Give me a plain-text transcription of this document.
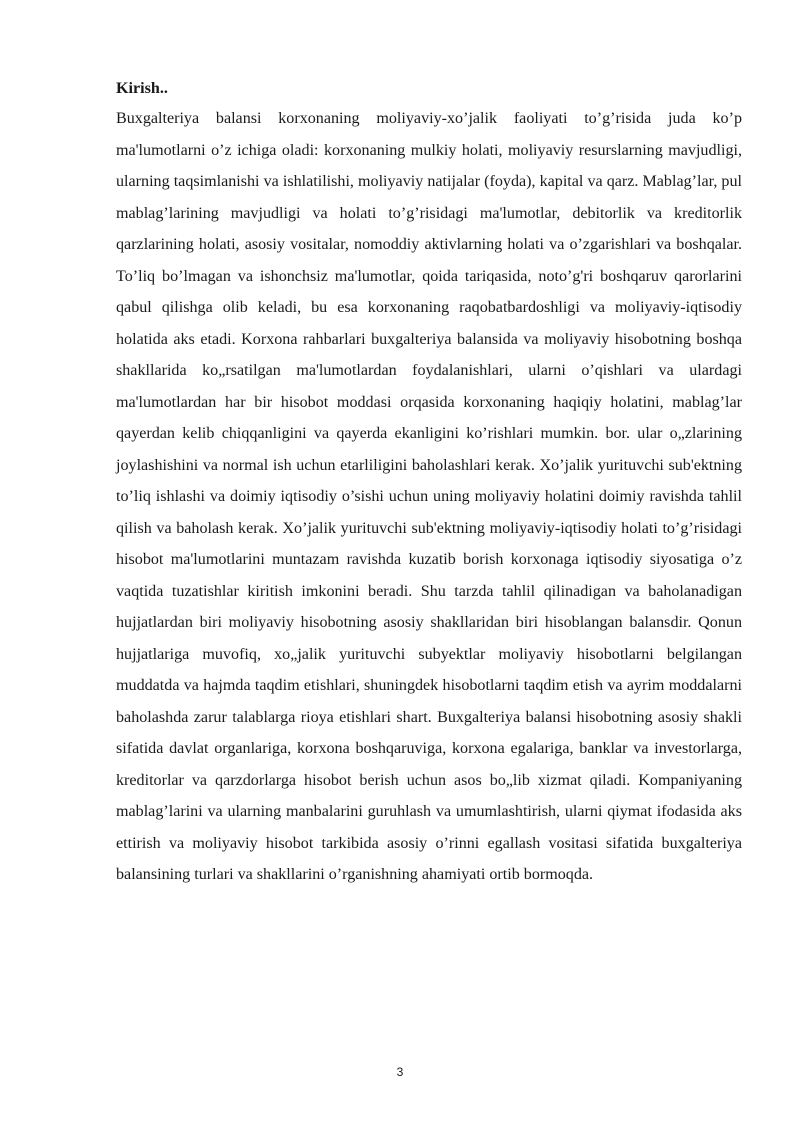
Kirish..

Buxgalteriya balansi korxonaning moliyaviy-xo’jalik faoliyati to’g’risida juda ko’p ma'lumotlarni o’z ichiga oladi: korxonaning mulkiy holati, moliyaviy resurslarning mavjudligi, ularning taqsimlanishi va ishlatilishi, moliyaviy natijalar (foyda), kapital va qarz. Mablag’lar, pul mablag’larining mavjudligi va holati to’g’risidagi ma'lumotlar, debitorlik va kreditorlik qarzlarining holati, asosiy vositalar, nomoddiy aktivlarning holati va o’zgarishlari va boshqalar. To’liq bo’lmagan va ishonchsiz ma'lumotlar, qoida tariqasida, noto’g'ri boshqaruv qarorlarini qabul qilishga olib keladi, bu esa korxonaning raqobatbardoshligi va moliyaviy-iqtisodiy holatida aks etadi. Korxona rahbarlari buxgalteriya balansida va moliyaviy hisobotning boshqa shakllarida ko„rsatilgan ma'lumotlardan foydalanishlari, ularni o’qishlari va ulardagi ma'lumotlardan har bir hisobot moddasi orqasida korxonaning haqiqiy holatini, mablag’lar qayerdan kelib chiqqanligini va qayerda ekanligini ko’rishlari mumkin. bor. ular o„zlarining joylashishini va normal ish uchun etarliligini baholashlari kerak. Xo’jalik yurituvchi sub'ektning to’liq ishlashi va doimiy iqtisodiy o’sishi uchun uning moliyaviy holatini doimiy ravishda tahlil qilish va baholash kerak. Xo’jalik yurituvchi sub'ektning moliyaviy-iqtisodiy holati to’g’risidagi hisobot ma'lumotlarini muntazam ravishda kuzatib borish korxonaga iqtisodiy siyosatiga o’z vaqtida tuzatishlar kiritish imkonini beradi. Shu tarzda tahlil qilinadigan va baholanadigan hujjatlardan biri moliyaviy hisobotning asosiy shakllaridan biri hisoblangan balansdir. Qonun hujjatlariga muvofiq, xo„jalik yurituvchi subyektlar moliyaviy hisobotlarni belgilangan muddatda va hajmda taqdim etishlari, shuningdek hisobotlarni taqdim etish va ayrim moddalarni baholashda zarur talablarga rioya etishlari shart. Buxgalteriya balansi hisobotning asosiy shakli sifatida davlat organlariga, korxona boshqaruviga, korxona egalariga, banklar va investorlarga, kreditorlar va qarzdorlarga hisobot berish uchun asos bo„lib xizmat qiladi. Kompaniyaning mablag’larini va ularning manbalarini guruhlash va umumlashtirish, ularni qiymat ifodasida aks ettirish va moliyaviy hisobot tarkibida asosiy o’rinni egallash vositasi sifatida buxgalteriya balansining turlari va shakllarini o’rganishning ahamiyati ortib bormoqda.

3
